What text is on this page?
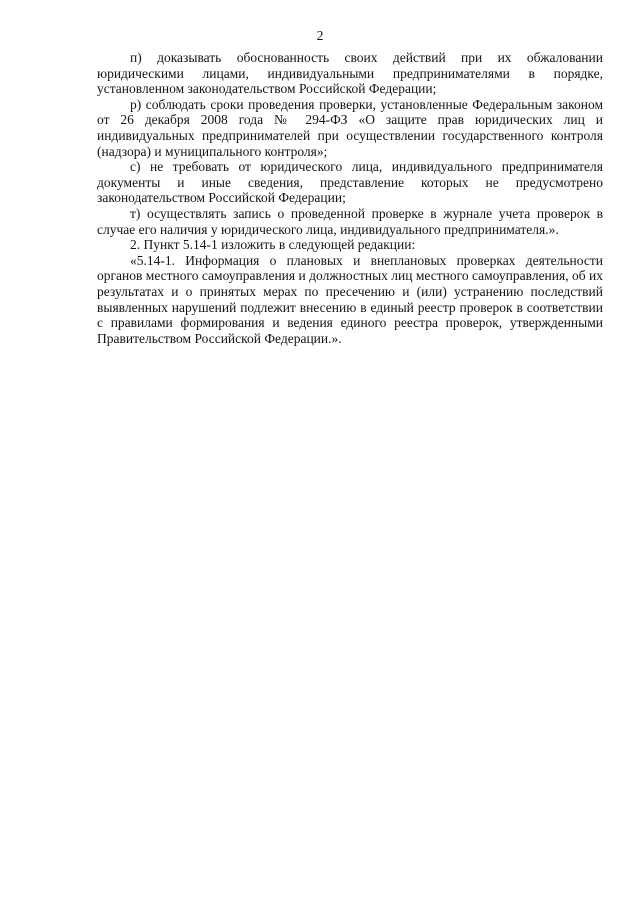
2

п) доказывать обоснованность своих действий при их обжаловании юридическими лицами, индивидуальными предпринимателями в порядке, установленном законодательством Российской Федерации;

р) соблюдать сроки проведения проверки, установленные Федеральным законом от 26 декабря 2008 года № 294-ФЗ «О защите прав юридических лиц и индивидуальных предпринимателей при осуществлении государственного контроля (надзора) и муниципального контроля»;

с) не требовать от юридического лица, индивидуального предпринимателя документы и иные сведения, представление которых не предусмотрено законодательством Российской Федерации;

т) осуществлять запись о проведенной проверке в журнале учета проверок в случае его наличия у юридического лица, индивидуального предпринимателя.».

2. Пункт 5.14-1 изложить в следующей редакции:

«5.14-1. Информация о плановых и внеплановых проверках деятельности органов местного самоуправления и должностных лиц местного самоуправления, об их результатах и о принятых мерах по пресечению и (или) устранению последствий выявленных нарушений подлежит внесению в единый реестр проверок в соответствии с правилами формирования и ведения единого реестра проверок, утвержденными Правительством Российской Федерации.».
